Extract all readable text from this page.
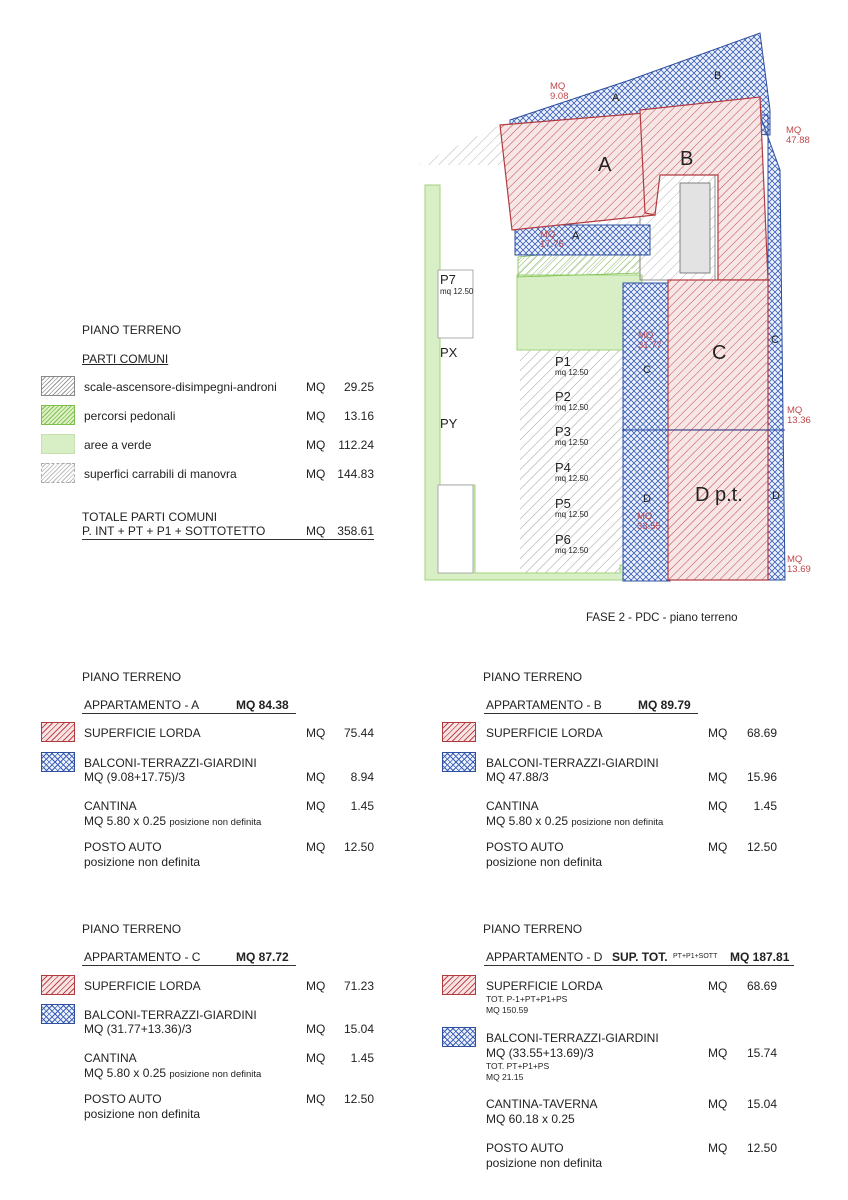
A	B
C
D p.t.
A
B
A
C
C
D	D
MQ
9.08
MQ
47.88
MQ
17.75
MQ
31.77
MQ
13.36
MQ
33.55
MQ
13.69
P7
mq 12.50
PX
PY
P1
mq 12.50
P2
mq 12.50
P3
mq 12.50
P4
mq 12.50
P5
mq 12.50
P6
mq 12.50
FASE 2 - PDC - piano terreno
PIANO TERRENO
PARTI COMUNI
scale-ascensore-disimpegni-androni MQ	29.25
percorsi pedonali	MQ	13.16
aree a verde	MQ	112.24
superfici carrabili di manovra	MQ 144.83
TOTALE PARTI COMUNI
P. INT + PT + P1 + SOTTOTETTO	MQ 358.61
PIANO TERRENO
APPARTAMENTO - A	MQ 84.38
SUPERFICIE LORDA	MQ	75.44
BALCONI-TERRAZZI-GIARDINI
MQ (9.08+17.75)/3	MQ	8.94
CANTINA
MQ 5.80 x 0.25 posizione non definita
MQ	1.45
POSTO AUTO
posizione non definita
MQ	12.50
PIANO TERRENO
APPARTAMENTO - B	MQ 89.79
SUPERFICIE LORDA	MQ	68.69
BALCONI-TERRAZZI-GIARDINI
MQ 47.88/3	MQ	15.96
CANTINA
MQ 5.80 x 0.25 posizione non definita
MQ	1.45
POSTO AUTO
posizione non definita
MQ	12.50
PIANO TERRENO
APPARTAMENTO - C	MQ 87.72
SUPERFICIE LORDA	MQ	71.23
BALCONI-TERRAZZI-GIARDINI
MQ (31.77+13.36)/3	MQ	15.04
CANTINA
MQ 5.80 x 0.25 posizione non definita
MQ	1.45
POSTO AUTO
posizione non definita
MQ	12.50
PIANO TERRENO
APPARTAMENTO - D SUP. TOT. PT+P1+SOTT MQ 187.81
SUPERFICIE LORDA
TOT. P-1+PT+P1+PS
MQ 150.59
MQ	68.69
BALCONI-TERRAZZI-GIARDINI
MQ (33.55+13.69)/3
TOT. PT+P1+PS
MQ 21.15
MQ	15.74
CANTINA-TAVERNA
MQ 60.18 x 0.25
MQ	15.04
POSTO AUTO
posizione non definita
MQ	12.50
